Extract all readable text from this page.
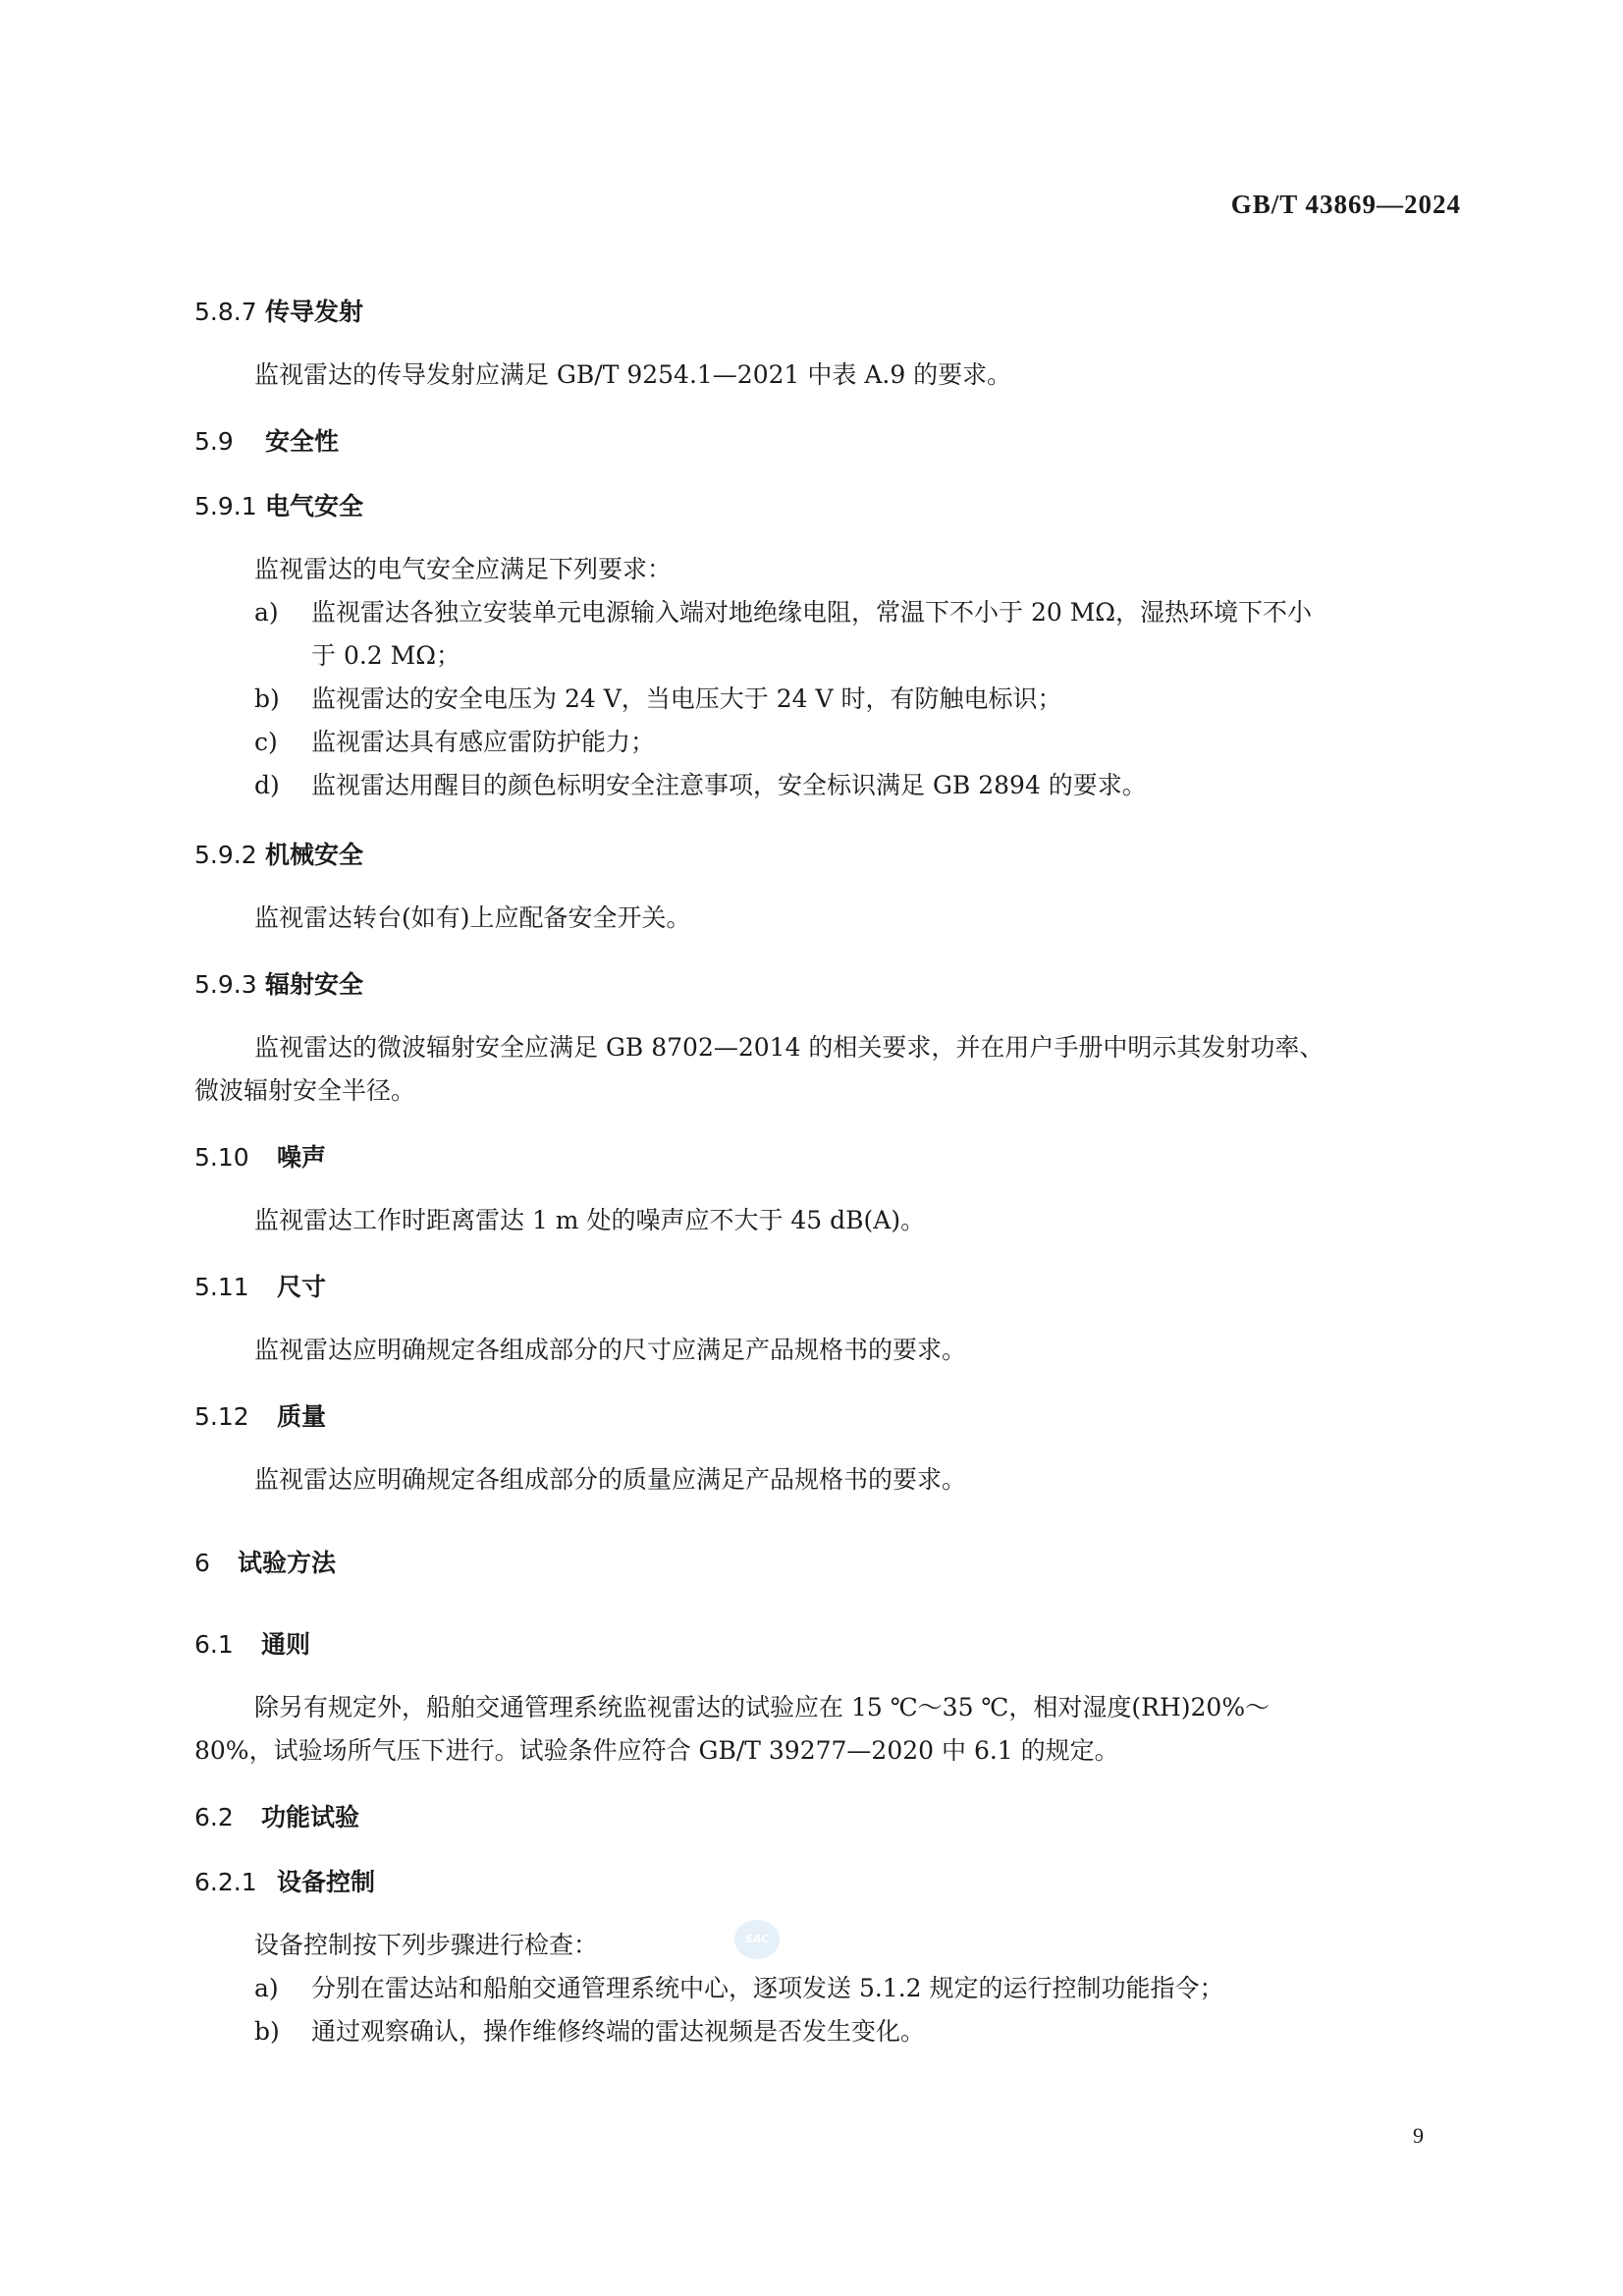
GB/T 43869—2024
5.8.7 传导发射
监视雷达的传导发射应满足 GB/T 9254.1—2021 中表 A.9 的要求。
5.9 安全性
5.9.1 电气安全
监视雷达的电气安全应满足下列要求：
a) 监视雷达各独立安装单元电源输入端对地绝缘电阻，常温下不小于 20 MΩ，湿热环境下不小
于 0.2 MΩ；
b) 监视雷达的安全电压为 24 V，当电压大于 24 V 时，有防触电标识；
c) 监视雷达具有感应雷防护能力；
d) 监视雷达用醒目的颜色标明安全注意事项，安全标识满足 GB 2894 的要求。
5.9.2 机械安全
监视雷达转台(如有)上应配备安全开关。
5.9.3 辐射安全
监视雷达的微波辐射安全应满足 GB 8702—2014 的相关要求，并在用户手册中明示其发射功率、
微波辐射安全半径。
5.10 噪声
监视雷达工作时距离雷达 1 m 处的噪声应不大于 45 dB(A)。
5.11 尺寸
监视雷达应明确规定各组成部分的尺寸应满足产品规格书的要求。
5.12 质量
监视雷达应明确规定各组成部分的质量应满足产品规格书的要求。
6 试验方法
6.1 通则
除另有规定外，船舶交通管理系统监视雷达的试验应在 15 ℃～35 ℃，相对湿度(RH)20%～
80%，试验场所气压下进行。试验条件应符合 GB/T 39277—2020 中 6.1 的规定。
6.2 功能试验
6.2.1 设备控制
设备控制按下列步骤进行检查：	SAC
a) 分别在雷达站和船舶交通管理系统中心，逐项发送 5.1.2 规定的运行控制功能指令；
b) 通过观察确认，操作维修终端的雷达视频是否发生变化。
9
